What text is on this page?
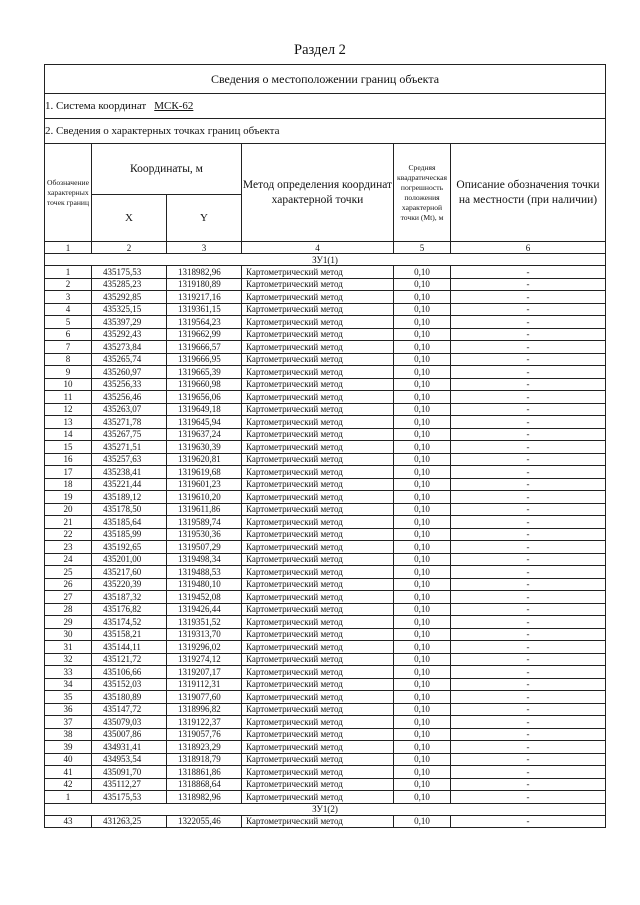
Раздел 2
Сведения о местоположении границ объекта					
1. Система координат МСК-62					
2. Сведения о характерных точках границ объекта					
Обозначение характерных точек границ	Координаты, м		Метод определения координат характерной точки	Средняя квадратическая погрешность положения характерной точки (Mt), м	Описание обозначения точки на местности (при наличии)
	X	Y			
1	2	3	4	5	6
ЗУ1(1)					
1	435175,53	1318982,96	Картометрический метод	0,10	-
2	435285,23	1319180,89	Картометрический метод	0,10	-
3	435292,85	1319217,16	Картометрический метод	0,10	-
4	435325,15	1319361,15	Картометрический метод	0,10	-
5	435397,29	1319564,23	Картометрический метод	0,10	-
6	435292,43	1319662,99	Картометрический метод	0,10	-
7	435273,84	1319666,57	Картометрический метод	0,10	-
8	435265,74	1319666,95	Картометрический метод	0,10	-
9	435260,97	1319665,39	Картометрический метод	0,10	-
10	435256,33	1319660,98	Картометрический метод	0,10	-
11	435256,46	1319656,06	Картометрический метод	0,10	-
12	435263,07	1319649,18	Картометрический метод	0,10	-
13	435271,78	1319645,94	Картометрический метод	0,10	-
14	435267,75	1319637,24	Картометрический метод	0,10	-
15	435271,51	1319630,39	Картометрический метод	0,10	-
16	435257,63	1319620,81	Картометрический метод	0,10	-
17	435238,41	1319619,68	Картометрический метод	0,10	-
18	435221,44	1319601,23	Картометрический метод	0,10	-
19	435189,12	1319610,20	Картометрический метод	0,10	-
20	435178,50	1319611,86	Картометрический метод	0,10	-
21	435185,64	1319589,74	Картометрический метод	0,10	-
22	435185,99	1319530,36	Картометрический метод	0,10	-
23	435192,65	1319507,29	Картометрический метод	0,10	-
24	435201,00	1319498,34	Картометрический метод	0,10	-
25	435217,60	1319488,53	Картометрический метод	0,10	-
26	435220,39	1319480,10	Картометрический метод	0,10	-
27	435187,32	1319452,08	Картометрический метод	0,10	-
28	435176,82	1319426,44	Картометрический метод	0,10	-
29	435174,52	1319351,52	Картометрический метод	0,10	-
30	435158,21	1319313,70	Картометрический метод	0,10	-
31	435144,11	1319296,02	Картометрический метод	0,10	-
32	435121,72	1319274,12	Картометрический метод	0,10	-
33	435106,66	1319207,17	Картометрический метод	0,10	-
34	435152,03	1319112,31	Картометрический метод	0,10	-
35	435180,89	1319077,60	Картометрический метод	0,10	-
36	435147,72	1318996,82	Картометрический метод	0,10	-
37	435079,03	1319122,37	Картометрический метод	0,10	-
38	435007,86	1319057,76	Картометрический метод	0,10	-
39	434931,41	1318923,29	Картометрический метод	0,10	-
40	434953,54	1318918,79	Картометрический метод	0,10	-
41	435091,70	1318861,86	Картометрический метод	0,10	-
42	435112,27	1318868,64	Картометрический метод	0,10	-
1	435175,53	1318982,96	Картометрический метод	0,10	-
ЗУ1(2)					
43	431263,25	1322055,46	Картометрический метод	0,10	-
